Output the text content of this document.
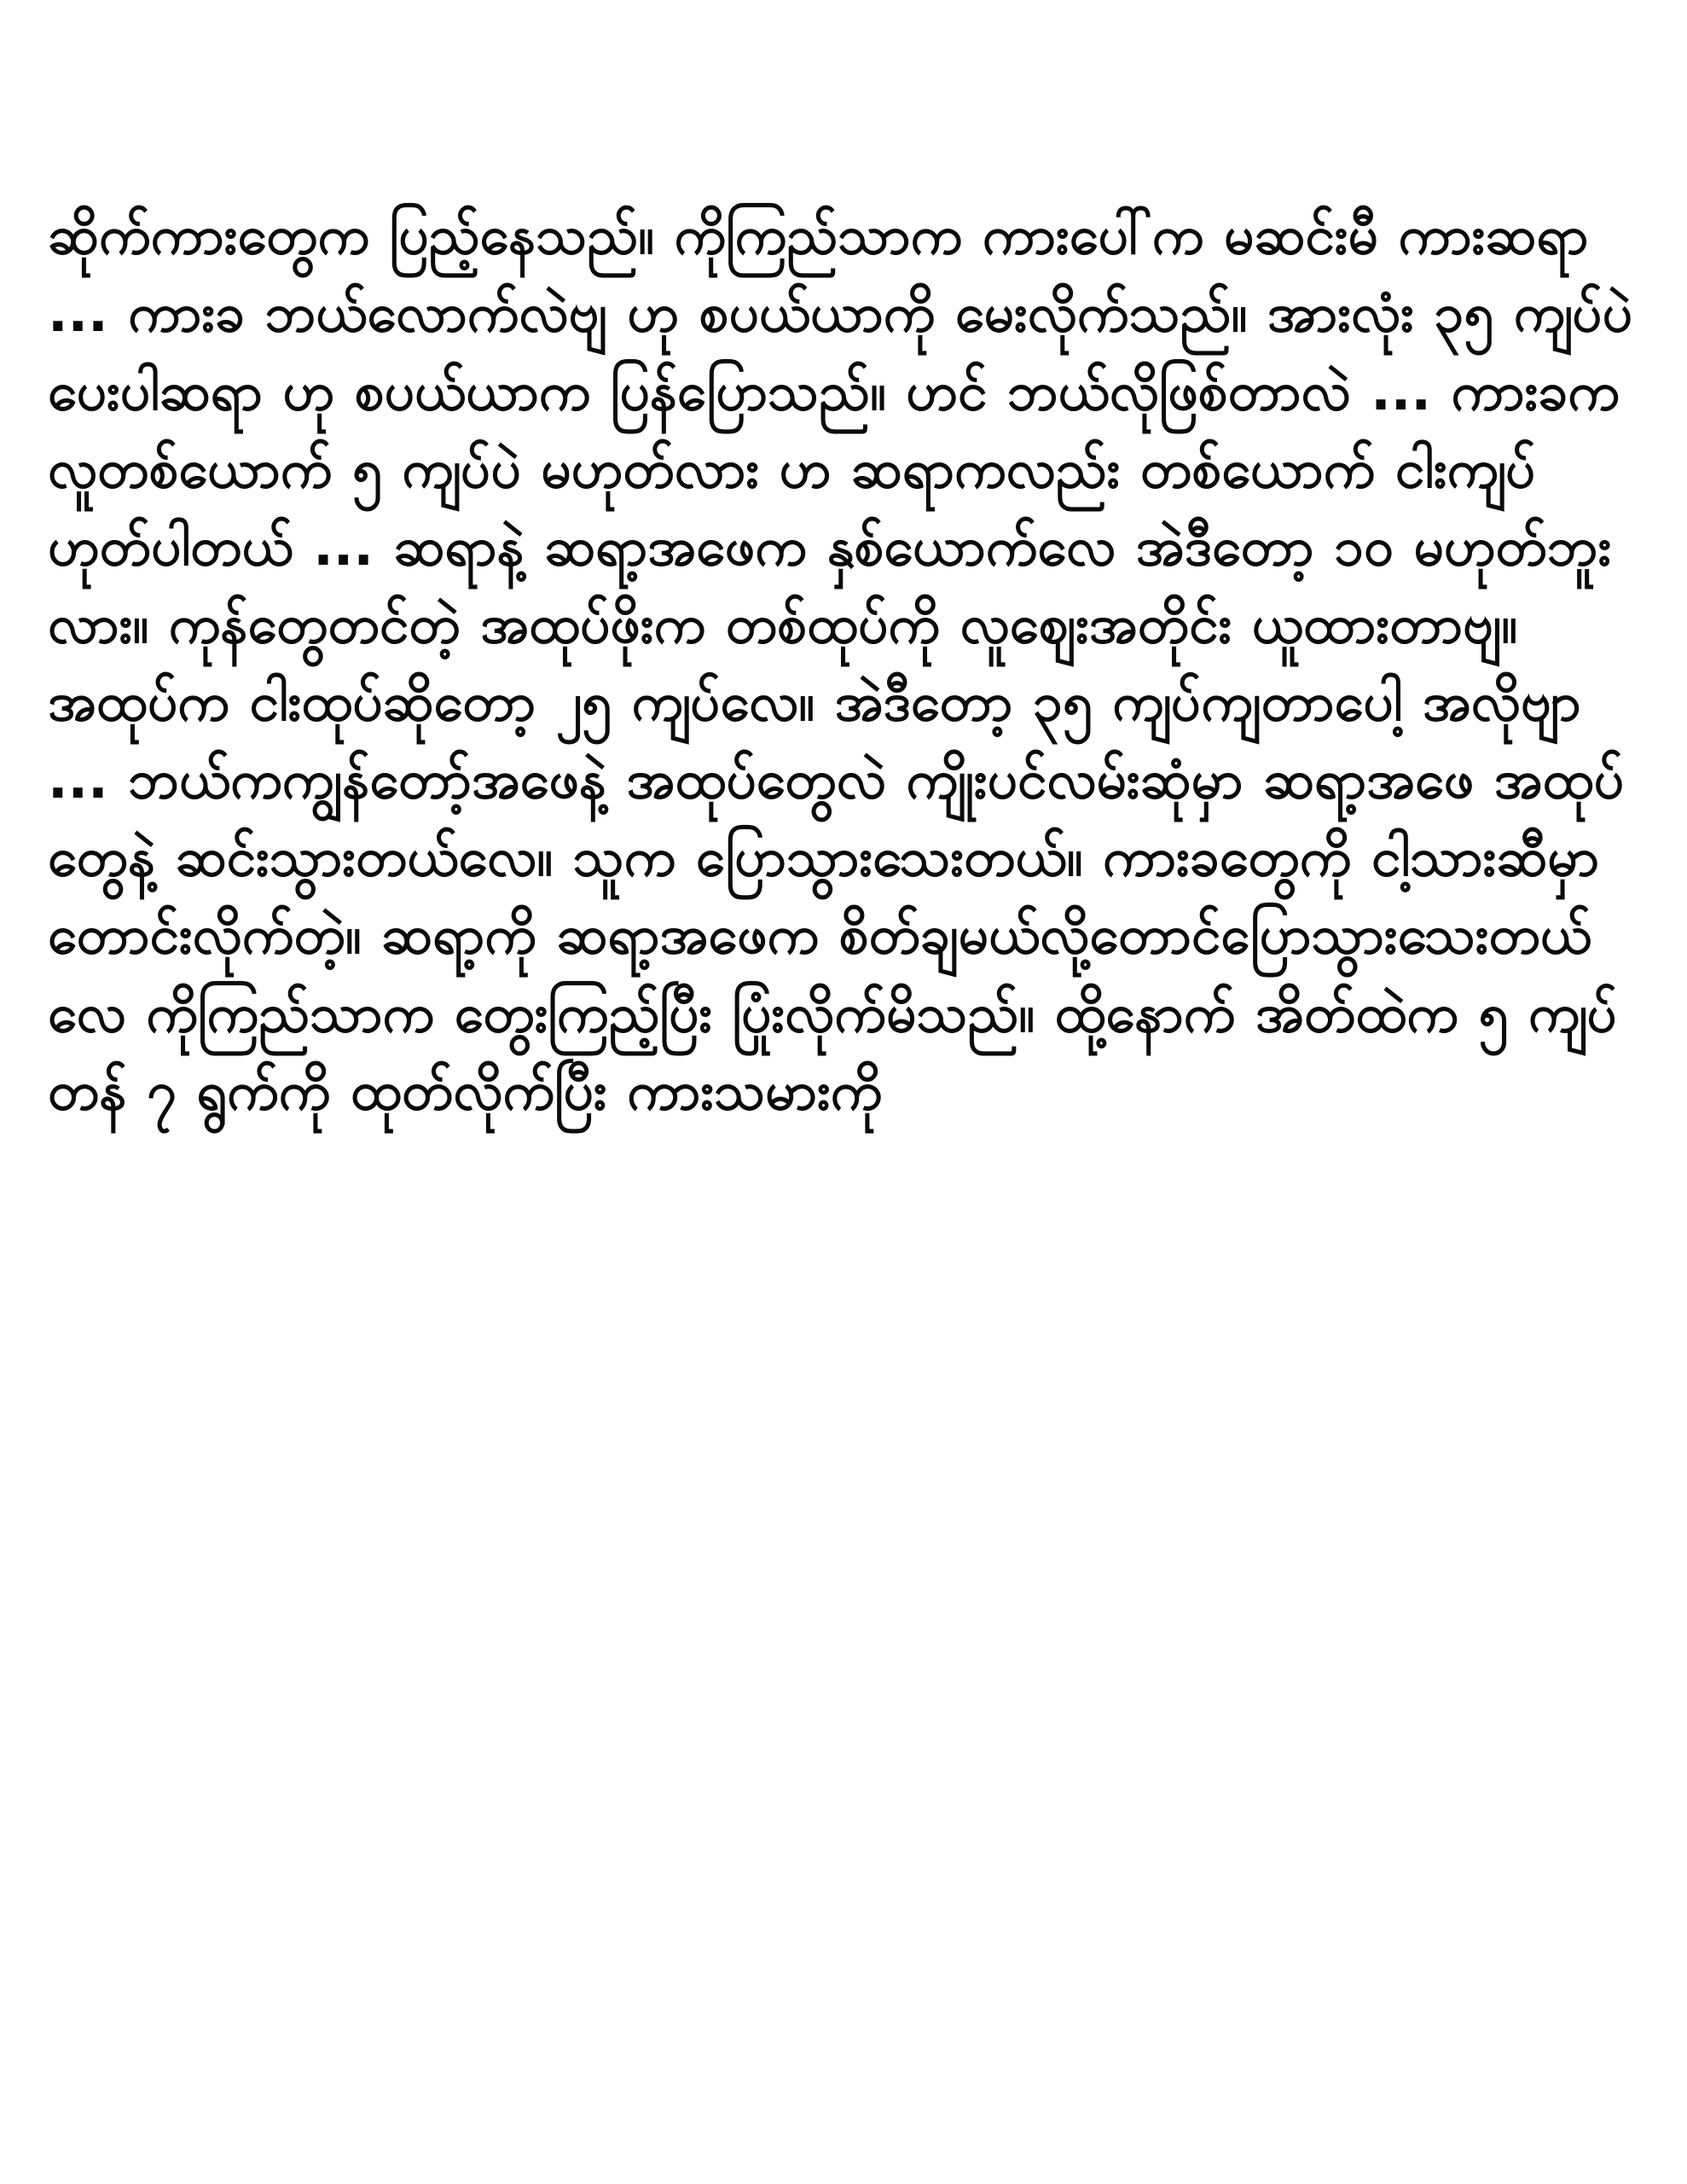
ဆိုက်ကားတွေက ပြည့်နေသည်။ ကိုကြည်သာက ကားပေါ်က မဆင်းမီ ကားဆရာ ... ကားခ ဘယ်လောက်လဲဗျ ဟု စပယ်ယာကို မေးလိုက်သည်။ အားလုံး ၃၅ ကျပ်ပဲပေးပါဆရာ ဟု စပယ်ယာက ပြန်ပြောသည်။ ဟင် ဘယ်လိုဖြစ်တာလဲ ... ကားခက လူတစ်ယောက် ၅ ကျပ်ပဲ မဟုတ်လား ဟ ဆရာကလည်း တစ်ယောက် ငါးကျပ် ဟုတ်ပါတယ် ... ဆရာနဲ့ ဆရာ့အဖေက နှစ်ယောက်လေ အဲဒီတော့ ၁၀ မဟုတ်ဘူးလား။ ကုန်တွေတင်တဲ့ အထုပ်ဖိုးက တစ်ထုပ်ကို လူဈေးအတိုင်း ယူထားတာဗျ။ အထုပ်က ငါးထုပ်ဆိုတော့ ၂၅ ကျပ်လေ။ အဲဒီတော့ ၃၅ ကျပ်ကျတာပေါ့ အလိုဗျာ ... ဘယ်ကကျွန်တော့်အဖေနဲ့ အထုပ်တွေလဲ ကျိုးပင်လမ်းဆုံမှာ ဆရာ့အဖေ အထုပ်တွေနဲ့ ဆင်းသွားတယ်လေ။ သူက ပြောသွားသေးတယ်။ ကားခတွေကို ငါ့သားဆီမှာ တောင်းလိုက်တဲ့။ ဆရာ့ကို ဆရာ့အဖေက စိတ်ချမယ်လို့တောင်ပြောသွားသေးတယ်လေ ကိုကြည်သာက တွေးကြည့်ပြီး ပြုံးလိုက်မိသည်။ ထို့နောက် အိတ်ထဲက ၅ ကျပ်တန် ၇ ရွက်ကို ထုတ်လိုက်ပြီး ကားသမားကို
